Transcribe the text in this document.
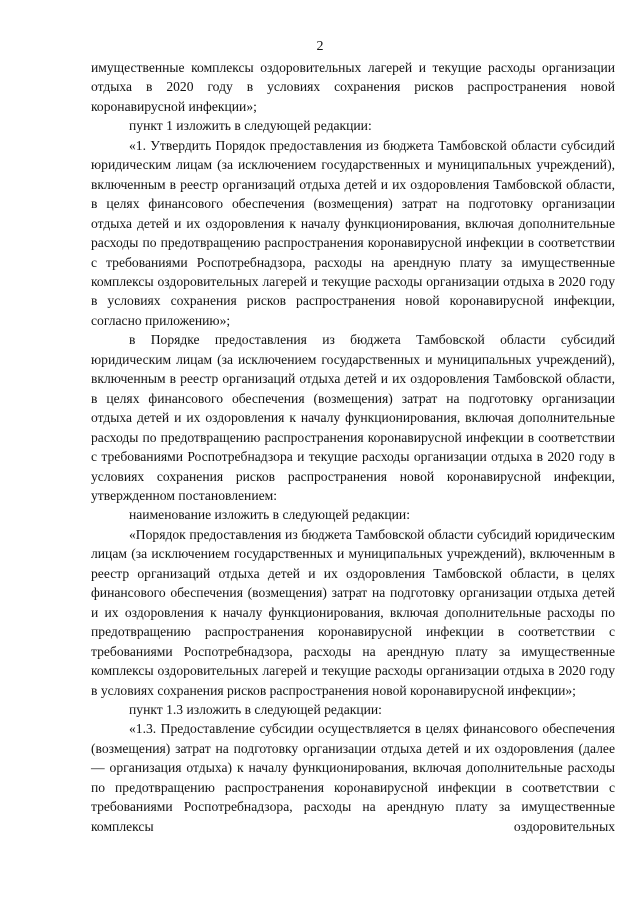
2

имущественные комплексы оздоровительных лагерей и текущие расходы организации отдыха в 2020 году в условиях сохранения рисков распространения новой коронавирусной инфекции»;

пункт 1 изложить в следующей редакции:

«1. Утвердить Порядок предоставления из бюджета Тамбовской области субсидий юридическим лицам (за исключением государственных и муниципальных учреждений), включенным в реестр организаций отдыха детей и их оздоровления Тамбовской области, в целях финансового обеспечения (возмещения) затрат на подготовку организации отдыха детей и их оздоровления к началу функционирования, включая дополнительные расходы по предотвращению распространения коронавирусной инфекции в соответствии с требованиями Роспотребнадзора, расходы на арендную плату за имущественные комплексы оздоровительных лагерей и текущие расходы организации отдыха в 2020 году в условиях сохранения рисков распространения новой коронавирусной инфекции, согласно приложению»;

в Порядке предоставления из бюджета Тамбовской области субсидий юридическим лицам (за исключением государственных и муниципальных учреждений), включенным в реестр организаций отдыха детей и их оздоровления Тамбовской области, в целях финансового обеспечения (возмещения) затрат на подготовку организации отдыха детей и их оздоровления к началу функционирования, включая дополнительные расходы по предотвращению распространения коронавирусной инфекции в соответствии с требованиями Роспотребнадзора и текущие расходы организации отдыха в 2020 году в условиях сохранения рисков распространения новой коронавирусной инфекции, утвержденном постановлением:

наименование изложить в следующей редакции:

«Порядок предоставления из бюджета Тамбовской области субсидий юридическим лицам (за исключением государственных и муниципальных учреждений), включенным в реестр организаций отдыха детей и их оздоровления Тамбовской области, в целях финансового обеспечения (возмещения) затрат на подготовку организации отдыха детей и их оздоровления к началу функционирования, включая дополнительные расходы по предотвращению распространения коронавирусной инфекции в соответствии с требованиями Роспотребнадзора, расходы на арендную плату за имущественные комплексы оздоровительных лагерей и текущие расходы организации отдыха в 2020 году в условиях сохранения рисков распространения новой коронавирусной инфекции»;

пункт 1.3 изложить в следующей редакции:

«1.3. Предоставление субсидии осуществляется в целях финансового обеспечения (возмещения) затрат на подготовку организации отдыха детей и их оздоровления (далее — организация отдыха) к началу функционирования, включая дополнительные расходы по предотвращению распространения коронавирусной инфекции в соответствии с требованиями Роспотребнадзора, расходы на арендную плату за имущественные комплексы оздоровительных
